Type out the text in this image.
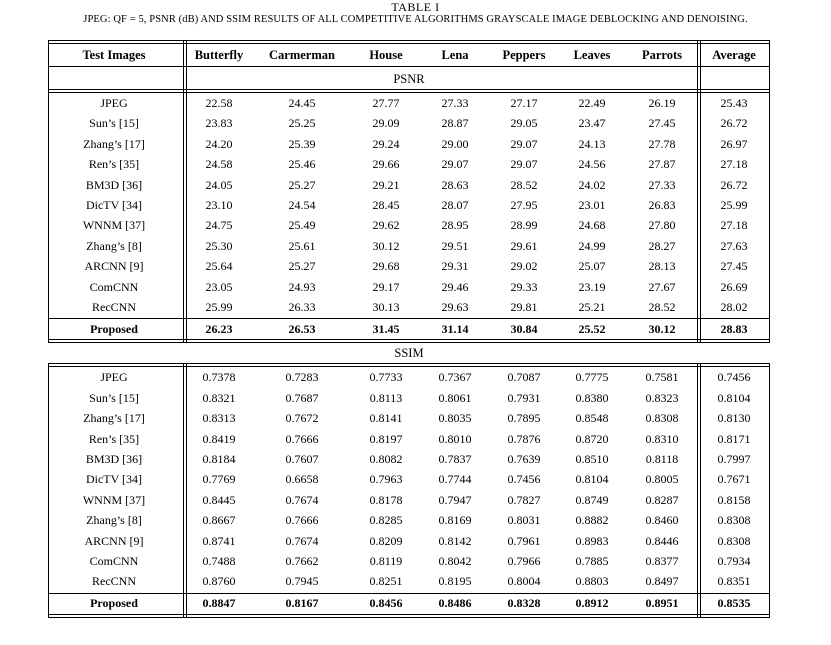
TABLE I
JPEG: QF = 5, PSNR (dB) AND SSIM RESULTS OF ALL COMPETITIVE ALGORITHMS GRAYSCALE IMAGE DEBLOCKING AND DENOISING.
Test Images	Butterfly	Carmerman	House	Lena	Peppers	Leaves	Parrots	Average
PSNR
JPEG	22.58	24.45	27.77	27.33	27.17	22.49	26.19	25.43
Sun’s [15]	23.83	25.25	29.09	28.87	29.05	23.47	27.45	26.72
Zhang’s [17]	24.20	25.39	29.24	29.00	29.07	24.13	27.78	26.97
Ren’s [35]	24.58	25.46	29.66	29.07	29.07	24.56	27.87	27.18
BM3D [36]	24.05	25.27	29.21	28.63	28.52	24.02	27.33	26.72
DicTV [34]	23.10	24.54	28.45	28.07	27.95	23.01	26.83	25.99
WNNM [37]	24.75	25.49	29.62	28.95	28.99	24.68	27.80	27.18
Zhang’s [8]	25.30	25.61	30.12	29.51	29.61	24.99	28.27	27.63
ARCNN [9]	25.64	25.27	29.68	29.31	29.02	25.07	28.13	27.45
ComCNN	23.05	24.93	29.17	29.46	29.33	23.19	27.67	26.69
RecCNN	25.99	26.33	30.13	29.63	29.81	25.21	28.52	28.02
Proposed	26.23	26.53	31.45	31.14	30.84	25.52	30.12	28.83
SSIM
JPEG	0.7378	0.7283	0.7733	0.7367	0.7087	0.7775	0.7581	0.7456
Sun’s [15]	0.8321	0.7687	0.8113	0.8061	0.7931	0.8380	0.8323	0.8104
Zhang’s [17]	0.8313	0.7672	0.8141	0.8035	0.7895	0.8548	0.8308	0.8130
Ren’s [35]	0.8419	0.7666	0.8197	0.8010	0.7876	0.8720	0.8310	0.8171
BM3D [36]	0.8184	0.7607	0.8082	0.7837	0.7639	0.8510	0.8118	0.7997
DicTV [34]	0.7769	0.6658	0.7963	0.7744	0.7456	0.8104	0.8005	0.7671
WNNM [37]	0.8445	0.7674	0.8178	0.7947	0.7827	0.8749	0.8287	0.8158
Zhang’s [8]	0.8667	0.7666	0.8285	0.8169	0.8031	0.8882	0.8460	0.8308
ARCNN [9]	0.8741	0.7674	0.8209	0.8142	0.7961	0.8983	0.8446	0.8308
ComCNN	0.7488	0.7662	0.8119	0.8042	0.7966	0.7885	0.8377	0.7934
RecCNN	0.8760	0.7945	0.8251	0.8195	0.8004	0.8803	0.8497	0.8351
Proposed	0.8847	0.8167	0.8456	0.8486	0.8328	0.8912	0.8951	0.8535
